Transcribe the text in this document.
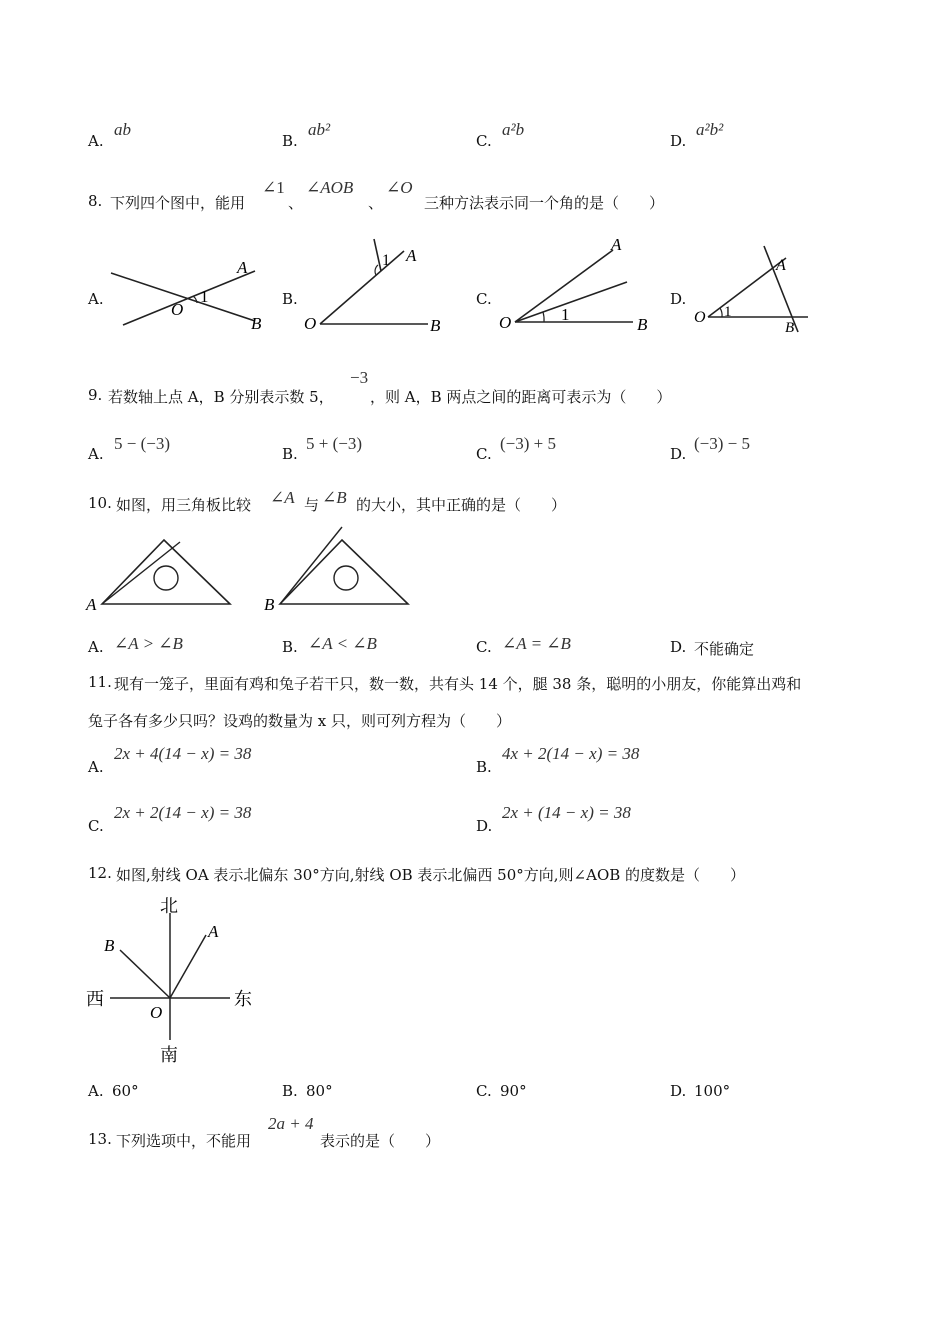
A.
ab
B.
ab²
C.
a²b
D.
a²b²
8. 下列四个图中，能用
∠1
、
∠AOB
、
∠O
三种方法表示同一个角的是（　　）
A.	B.	C.	D.
A
O
1
B
A
1
O	B
A
O	1
B	O 1
A
B
9. 若数轴上点 A，B 分别表示数 5，
−3
，则 A，B 两点之间的距离可表示为（　　）
A.
5 − (−3)
B.
5 + (−3)
C.
(−3) + 5
D.
(−3) − 5
10. 如图，用三角板比较 ∠A 与 ∠B 的大小，其中正确的是（　　）
A	B
A. ∠A > ∠B	B. ∠A < ∠B	C. ∠A = ∠B	D. 不能确定
11. 现有一笼子，里面有鸡和兔子若干只，数一数，共有头 14 个，腿 38 条，聪明的小朋友，你能算出鸡和
兔子各有多少只吗？设鸡的数量为 x 只，则可列方程为（　　）
A.
2x + 4(14 − x) = 38
B.
4x + 2(14 − x) = 38
C.
2x + 2(14 − x) = 38
D.
2x + (14 − x) = 38
12. 如图,射线 OA 表示北偏东 30°方向,射线 OB 表示北偏西 50°方向,则∠AOB 的度数是（　　）
北
南
西	东
O
A
B
A. 60°	B. 80°	C. 90°	D. 100°
13. 下列选项中，不能用
2a + 4
表示的是（　　）
